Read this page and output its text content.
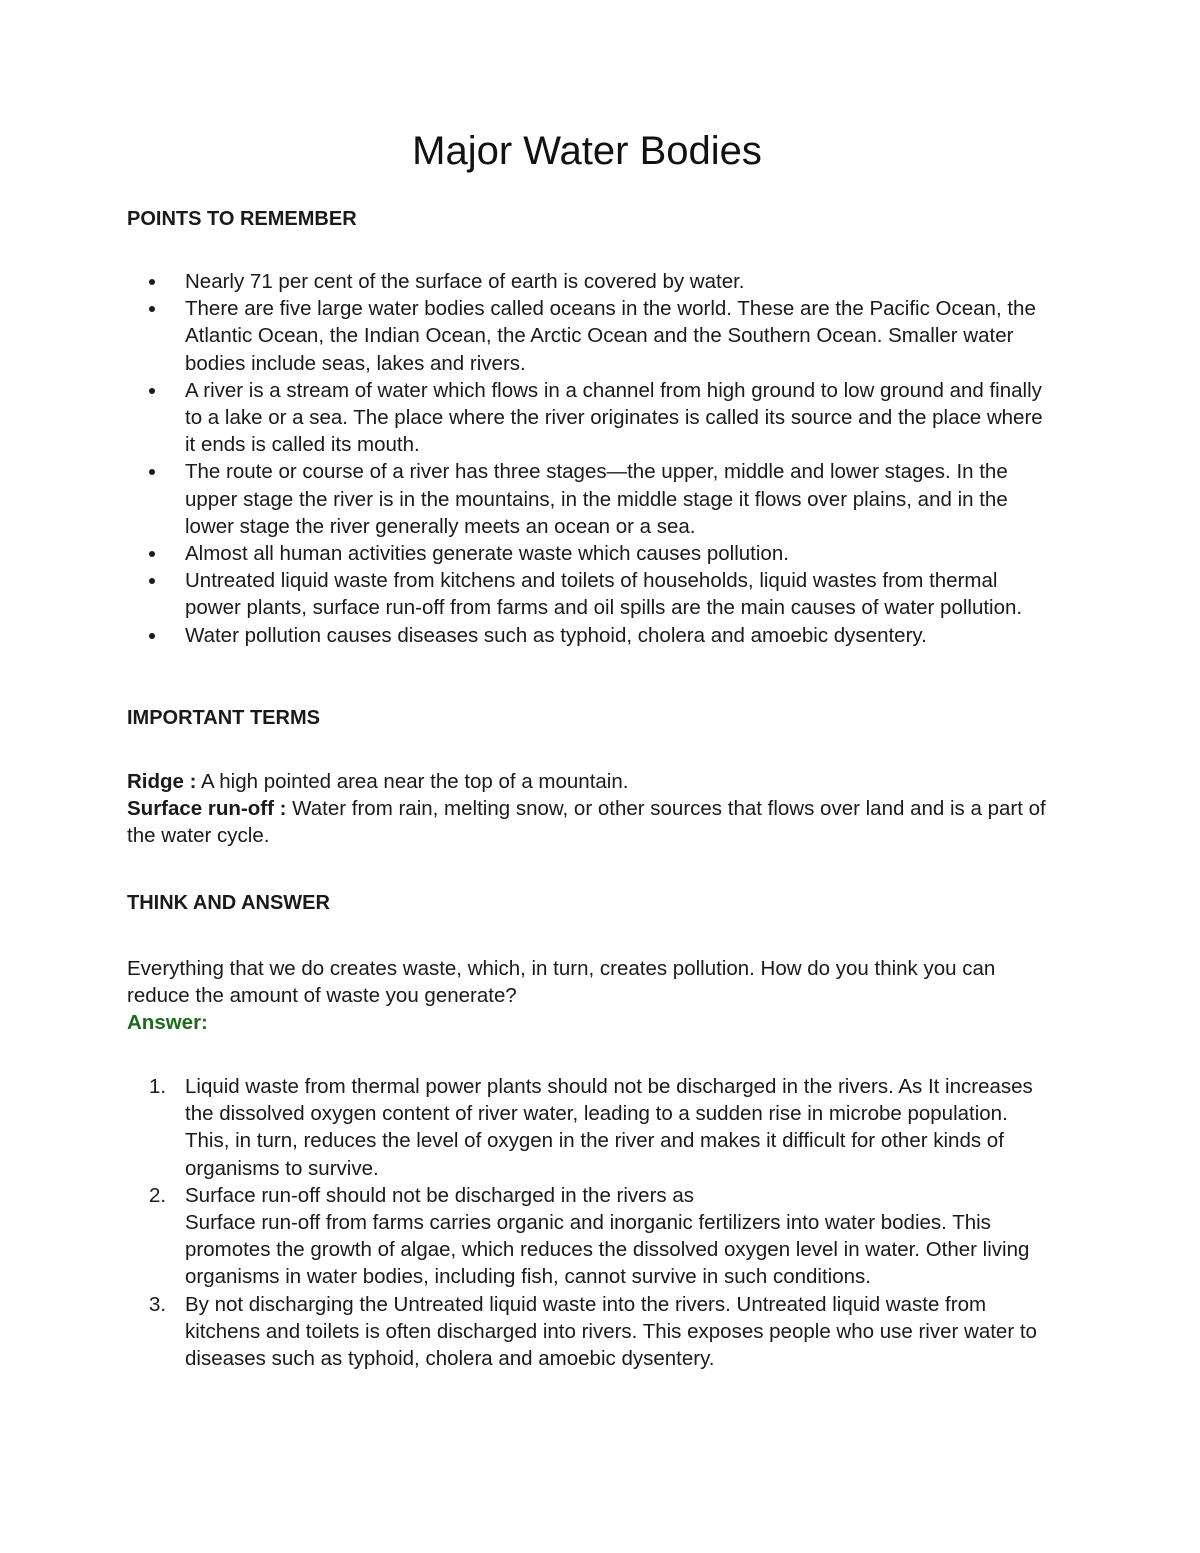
Major Water Bodies
POINTS TO REMEMBER
Nearly 71 per cent of the surface of earth is covered by water.
There are five large water bodies called oceans in the world. These are the Pacific Ocean, the Atlantic Ocean, the Indian Ocean, the Arctic Ocean and the Southern Ocean. Smaller water bodies include seas, lakes and rivers.
A river is a stream of water which flows in a channel from high ground to low ground and finally to a lake or a sea. The place where the river originates is called its source and the place where it ends is called its mouth.
The route or course of a river has three stages—the upper, middle and lower stages. In the upper stage the river is in the mountains, in the middle stage it flows over plains, and in the lower stage the river generally meets an ocean or a sea.
Almost all human activities generate waste which causes pollution.
Untreated liquid waste from kitchens and toilets of households, liquid wastes from thermal power plants, surface run-off from farms and oil spills are the main causes of water pollution.
Water pollution causes diseases such as typhoid, cholera and amoebic dysentery.
IMPORTANT TERMS

Ridge : A high pointed area near the top of a mountain.

Surface run-off : Water from rain, melting snow, or other sources that flows over land and is a part of the water cycle.

THINK AND ANSWER

Everything that we do creates waste, which, in turn, creates pollution. How do you think you can reduce the amount of waste you generate?

Answer:

1. Liquid waste from thermal power plants should not be discharged in the rivers. As It increases the dissolved oxygen content of river water, leading to a sudden rise in microbe population. This, in turn, reduces the level of oxygen in the river and makes it difficult for other kinds of organisms to survive.
2. Surface run-off should not be discharged in the rivers as
Surface run-off from farms carries organic and inorganic fertilizers into water bodies. This promotes the growth of algae, which reduces the dissolved oxygen level in water. Other living organisms in water bodies, including fish, cannot survive in such conditions.
3. By not discharging the Untreated liquid waste into the rivers. Untreated liquid waste from kitchens and toilets is often discharged into rivers. This exposes people who use river water to diseases such as typhoid, cholera and amoebic dysentery.
